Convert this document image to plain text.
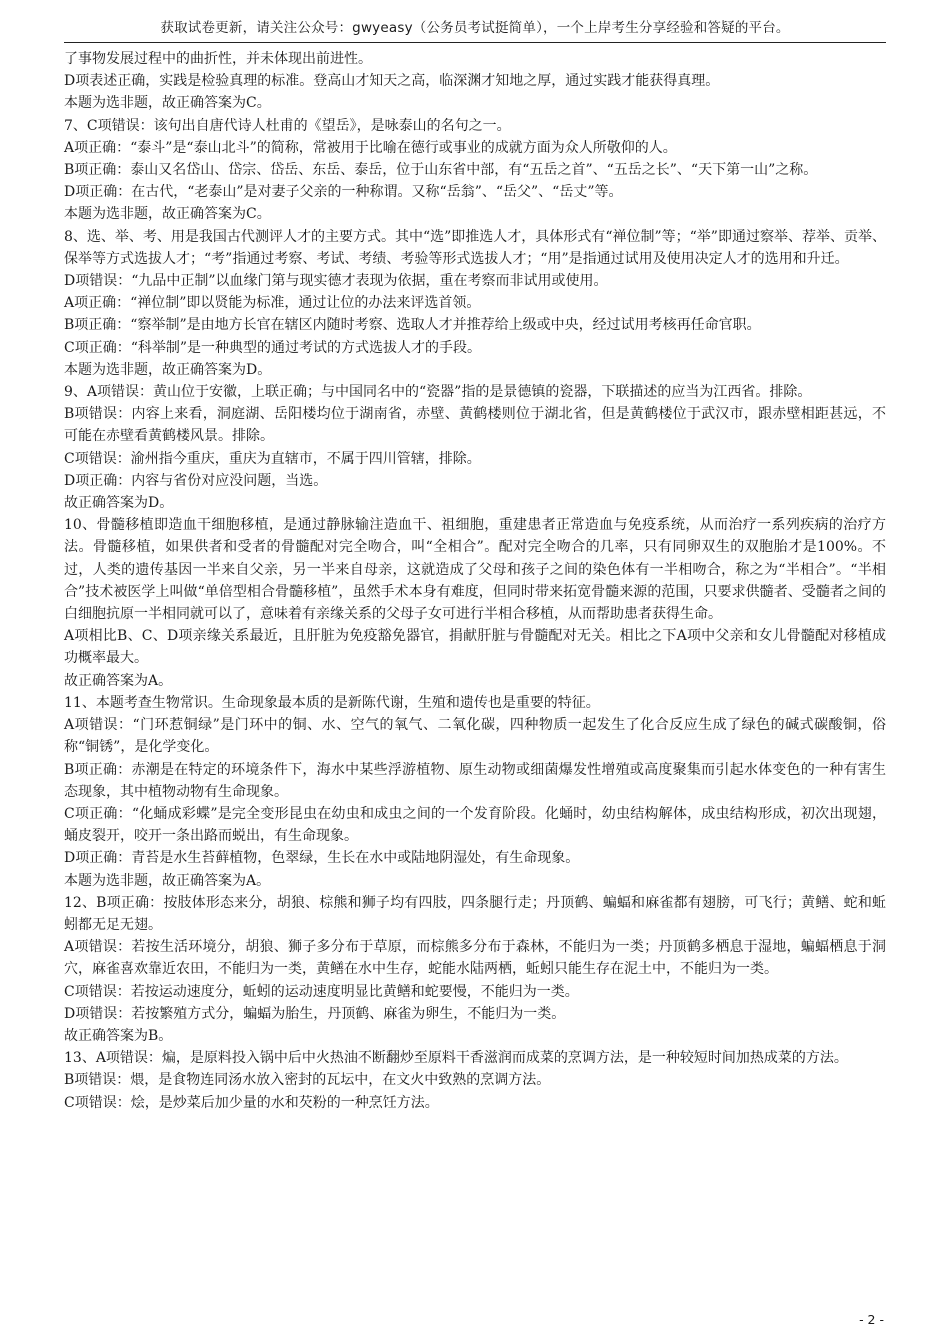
获取试卷更新，请关注公众号：gwyeasy（公务员考试挺简单），一个上岸考生分享经验和答疑的平台。

了事物发展过程中的曲折性，并未体现出前进性。

D项表述正确，实践是检验真理的标准。登高山才知天之高，临深渊才知地之厚，通过实践才能获得真理。

本题为选非题，故正确答案为C。

7、C项错误：该句出自唐代诗人杜甫的《望岳》，是咏泰山的名句之一。

A项正确：“泰斗”是“泰山北斗”的简称，常被用于比喻在德行或事业的成就方面为众人所敬仰的人。

B项正确：泰山又名岱山、岱宗、岱岳、东岳、泰岳，位于山东省中部，有“五岳之首”、“五岳之长”、“天下第一山”之称。

D项正确：在古代，“老泰山”是对妻子父亲的一种称谓。又称“岳翁”、“岳父”、“岳丈”等。

本题为选非题，故正确答案为C。

8、选、举、考、用是我国古代测评人才的主要方式。其中“选”即推选人才，具体形式有“禅位制”等；“举”即通过察举、荐举、贡举、保举等方式选拔人才；“考”指通过考察、考试、考绩、考验等形式选拔人才；“用”是指通过试用及使用决定人才的选用和升迁。

D项错误：“九品中正制”以血缘门第与现实德才表现为依据，重在考察而非试用或使用。

A项正确：“禅位制”即以贤能为标准，通过让位的办法来评选首领。

B项正确：“察举制”是由地方长官在辖区内随时考察、选取人才并推荐给上级或中央，经过试用考核再任命官职。

C项正确：“科举制”是一种典型的通过考试的方式选拔人才的手段。

本题为选非题，故正确答案为D。

9、A项错误：黄山位于安徽，上联正确；与中国同名中的“瓷器”指的是景德镇的瓷器，下联描述的应当为江西省。排除。

B项错误：内容上来看，洞庭湖、岳阳楼均位于湖南省，赤壁、黄鹤楼则位于湖北省，但是黄鹤楼位于武汉市，跟赤壁相距甚远，不可能在赤壁看黄鹤楼风景。排除。

C项错误：渝州指今重庆，重庆为直辖市，不属于四川管辖，排除。

D项正确：内容与省份对应没问题，当选。

故正确答案为D。

10、骨髓移植即造血干细胞移植，是通过静脉输注造血干、祖细胞，重建患者正常造血与免疫系统，从而治疗一系列疾病的治疗方法。骨髓移植，如果供者和受者的骨髓配对完全吻合，叫“全相合”。配对完全吻合的几率，只有同卵双生的双胞胎才是100%。不过，人类的遗传基因一半来自父亲，另一半来自母亲，这就造成了父母和孩子之间的染色体有一半相吻合，称之为“半相合”。“半相合”技术被医学上叫做“单倍型相合骨髓移植”，虽然手术本身有难度，但同时带来拓宽骨髓来源的范围，只要求供髓者、受髓者之间的白细胞抗原一半相同就可以了，意味着有亲缘关系的父母子女可进行半相合移植，从而帮助患者获得生命。

A项相比B、C、D项亲缘关系最近，且肝脏为免疫豁免器官，捐献肝脏与骨髓配对无关。相比之下A项中父亲和女儿骨髓配对移植成功概率最大。

故正确答案为A。

11、本题考查生物常识。生命现象最本质的是新陈代谢，生殖和遗传也是重要的特征。

A项错误：“门环惹铜绿”是门环中的铜、水、空气的氧气、二氧化碳，四种物质一起发生了化合反应生成了绿色的碱式碳酸铜，俗称“铜锈”，是化学变化。

B项正确：赤潮是在特定的环境条件下，海水中某些浮游植物、原生动物或细菌爆发性增殖或高度聚集而引起水体变色的一种有害生态现象，其中植物动物有生命现象。

C项正确：“化蛹成彩蝶”是完全变形昆虫在幼虫和成虫之间的一个发育阶段。化蛹时，幼虫结构解体，成虫结构形成，初次出现翅，蛹皮裂开，咬开一条出路而蜕出，有生命现象。

D项正确：青苔是水生苔藓植物，色翠绿，生长在水中或陆地阴湿处，有生命现象。

本题为选非题，故正确答案为A。

12、B项正确：按肢体形态来分，胡狼、棕熊和狮子均有四肢，四条腿行走；丹顶鹤、蝙蝠和麻雀都有翅膀，可飞行；黄鳝、蛇和蚯蚓都无足无翅。

A项错误：若按生活环境分，胡狼、狮子多分布于草原，而棕熊多分布于森林，不能归为一类；丹顶鹤多栖息于湿地，蝙蝠栖息于洞穴，麻雀喜欢靠近农田，不能归为一类，黄鳝在水中生存，蛇能水陆两栖，蚯蚓只能生存在泥土中，不能归为一类。

C项错误：若按运动速度分，蚯蚓的运动速度明显比黄鳝和蛇要慢，不能归为一类。

D项错误：若按繁殖方式分，蝙蝠为胎生，丹顶鹤、麻雀为卵生，不能归为一类。

故正确答案为B。

13、A项错误：煸，是原料投入锅中后中火热油不断翻炒至原料干香滋润而成菜的烹调方法，是一种较短时间加热成菜的方法。

B项错误：煨，是食物连同汤水放入密封的瓦坛中，在文火中致熟的烹调方法。

C项错误：烩，是炒菜后加少量的水和芡粉的一种烹饪方法。

- 2 -
